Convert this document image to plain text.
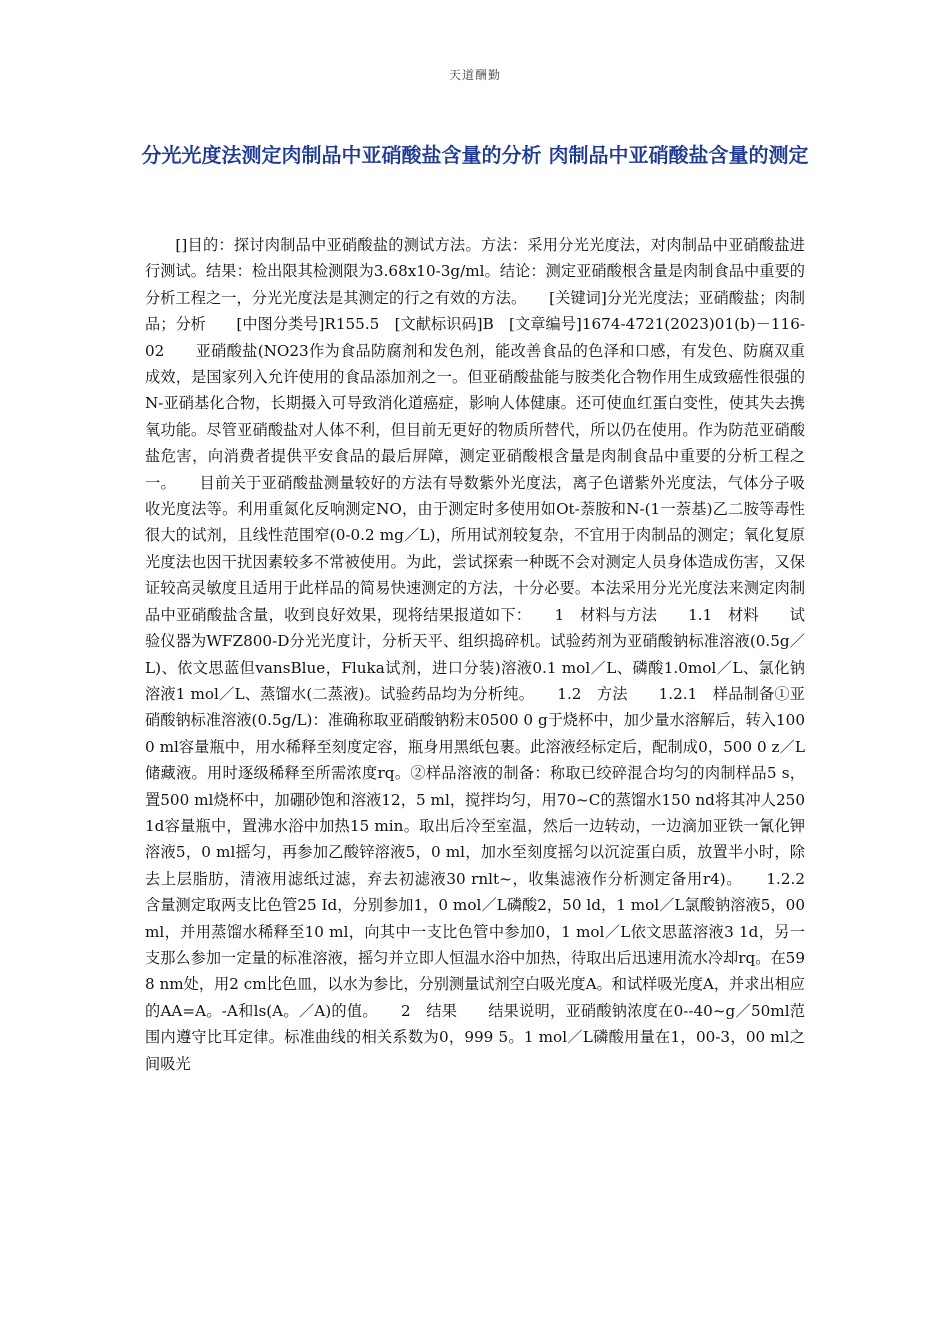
天道酬勤
分光光度法测定肉制品中亚硝酸盐含量的分析 肉制品中亚硝酸盐含量的测定

[]目的：探讨肉制品中亚硝酸盐的测试方法。方法：采用分光光度法，对肉制品中亚硝酸盐进行测试。结果：检出限其检测限为3.68x10-3g/ml。结论：测定亚硝酸根含量是肉制食品中重要的分析工程之一，分光光度法是其测定的行之有效的方法。　　[关键词]分光光度法；亚硝酸盐；肉制品；分析　　[中图分类号]R155.5　[文献标识码]B　[文章编号]1674-4721(2023)01(b)－116-02　　亚硝酸盐(NO23作为食品防腐剂和发色剂，能改善食品的色泽和口感，有发色、防腐双重成效，是国家列入允许使用的食品添加剂之一。但亚硝酸盐能与胺类化合物作用生成致癌性很强的N-亚硝基化合物，长期摄入可导致消化道癌症，影响人体健康。还可使血红蛋白变性，使其失去携氧功能。尽管亚硝酸盐对人体不利，但目前无更好的物质所替代，所以仍在使用。作为防范亚硝酸盐危害，向消费者提供平安食品的最后屏障，测定亚硝酸根含量是肉制食品中重要的分析工程之一。　　目前关于亚硝酸盐测量较好的方法有导数紫外光度法，离子色谱紫外光度法，气体分子吸收光度法等。利用重氮化反响测定NO，由于测定时多使用如Ot-萘胺和N-(1一萘基)乙二胺等毒性很大的试剂，且线性范围窄(0-0.2 mg／L)，所用试剂较复杂，不宜用于肉制品的测定；氧化复原光度法也因干扰因素较多不常被使用。为此，尝试探索一种既不会对测定人员身体造成伤害，又保证较高灵敏度且适用于此样品的简易快速测定的方法，十分必要。本法采用分光光度法来测定肉制品中亚硝酸盐含量，收到良好效果，现将结果报道如下：　　1　材料与方法　　1.1　材料　　试验仪器为WFZ800-D分光光度计，分析天平、组织捣碎机。试验药剂为亚硝酸钠标准溶液(0.5g／L)、依文思蓝但vansBlue，Fluka试剂，进口分装)溶液0.1 mol／L、磷酸1.0mol／L、氯化钠溶液1 mol／L、蒸馏水(二蒸液)。试验药品均为分析纯。　　1.2　方法　　1.2.1　样品制备①亚硝酸钠标准溶液(0.5g/L)：准确称取亚硝酸钠粉末0500 0 g于烧杯中，加少量水溶解后，转入1000 ml容量瓶中，用水稀释至刻度定容，瓶身用黑纸包裹。此溶液经标定后，配制成0，500 0 z／L储藏液。用时逐级稀释至所需浓度rq。②样品溶液的制备：称取已绞碎混合均匀的肉制样品5 s，置500 ml烧杯中，加硼砂饱和溶液12，5 ml，搅拌均匀，用70~C的蒸馏水150 nd将其冲人250 1d容量瓶中，置沸水浴中加热15 min。取出后冷至室温，然后一边转动，一边滴加亚铁一氰化钾溶液5，0 ml摇匀，再参加乙酸锌溶液5，0 ml，加水至刻度摇匀以沉淀蛋白质，放置半小时，除去上层脂肪，清液用滤纸过滤，弃去初滤液30 rnlt~，收集滤液作分析测定备用r4)。　　1.2.2　含量测定取两支比色管25 Id，分别参加1，0 mol／L磷酸2，50 ld，1 mol／L氯酸钠溶液5，00 ml，并用蒸馏水稀释至10 ml，向其中一支比色管中参加0，1 mol／L依文思蓝溶液3 1d，另一支那么参加一定量的标准溶液，摇匀并立即人恒温水浴中加热，待取出后迅速用流水冷却rq。在598 nm处，用2 cm比色皿，以水为参比，分别测量试剂空白吸光度A。和试样吸光度A，并求出相应的AA=A。-A和ls(A。／A)的值。　　2　结果　　结果说明，亚硝酸钠浓度在0--40~g／50ml范围内遵守比耳定律。标准曲线的相关系数为0，999 5。1 mol／L磷酸用量在1，00-3，00 ml之间吸光
